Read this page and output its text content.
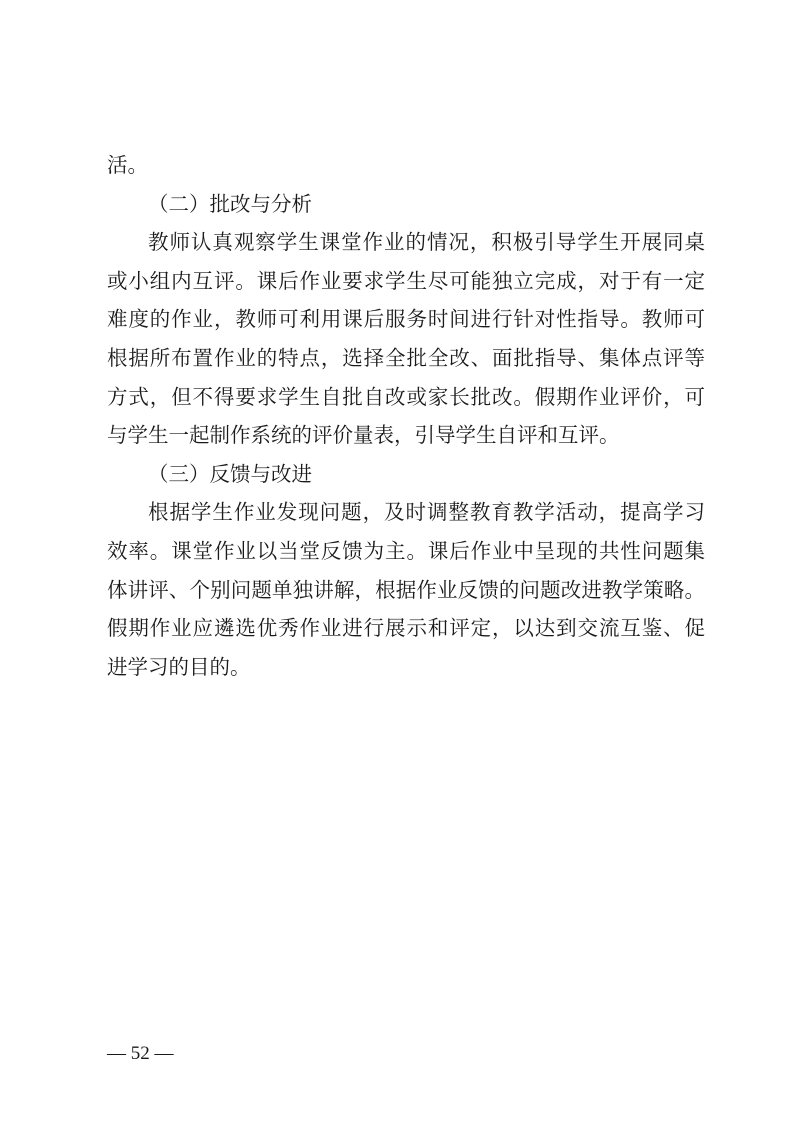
活。
（二）批改与分析
教师认真观察学生课堂作业的情况，积极引导学生开展同桌
或小组内互评。课后作业要求学生尽可能独立完成，对于有一定
难度的作业，教师可利用课后服务时间进行针对性指导。教师可
根据所布置作业的特点，选择全批全改、面批指导、集体点评等
方式，但不得要求学生自批自改或家长批改。假期作业评价，可
与学生一起制作系统的评价量表，引导学生自评和互评。
（三）反馈与改进
根据学生作业发现问题，及时调整教育教学活动，提高学习
效率。课堂作业以当堂反馈为主。课后作业中呈现的共性问题集
体讲评、个别问题单独讲解，根据作业反馈的问题改进教学策略。
假期作业应遴选优秀作业进行展示和评定，以达到交流互鉴、促
进学习的目的。
— 52 —
